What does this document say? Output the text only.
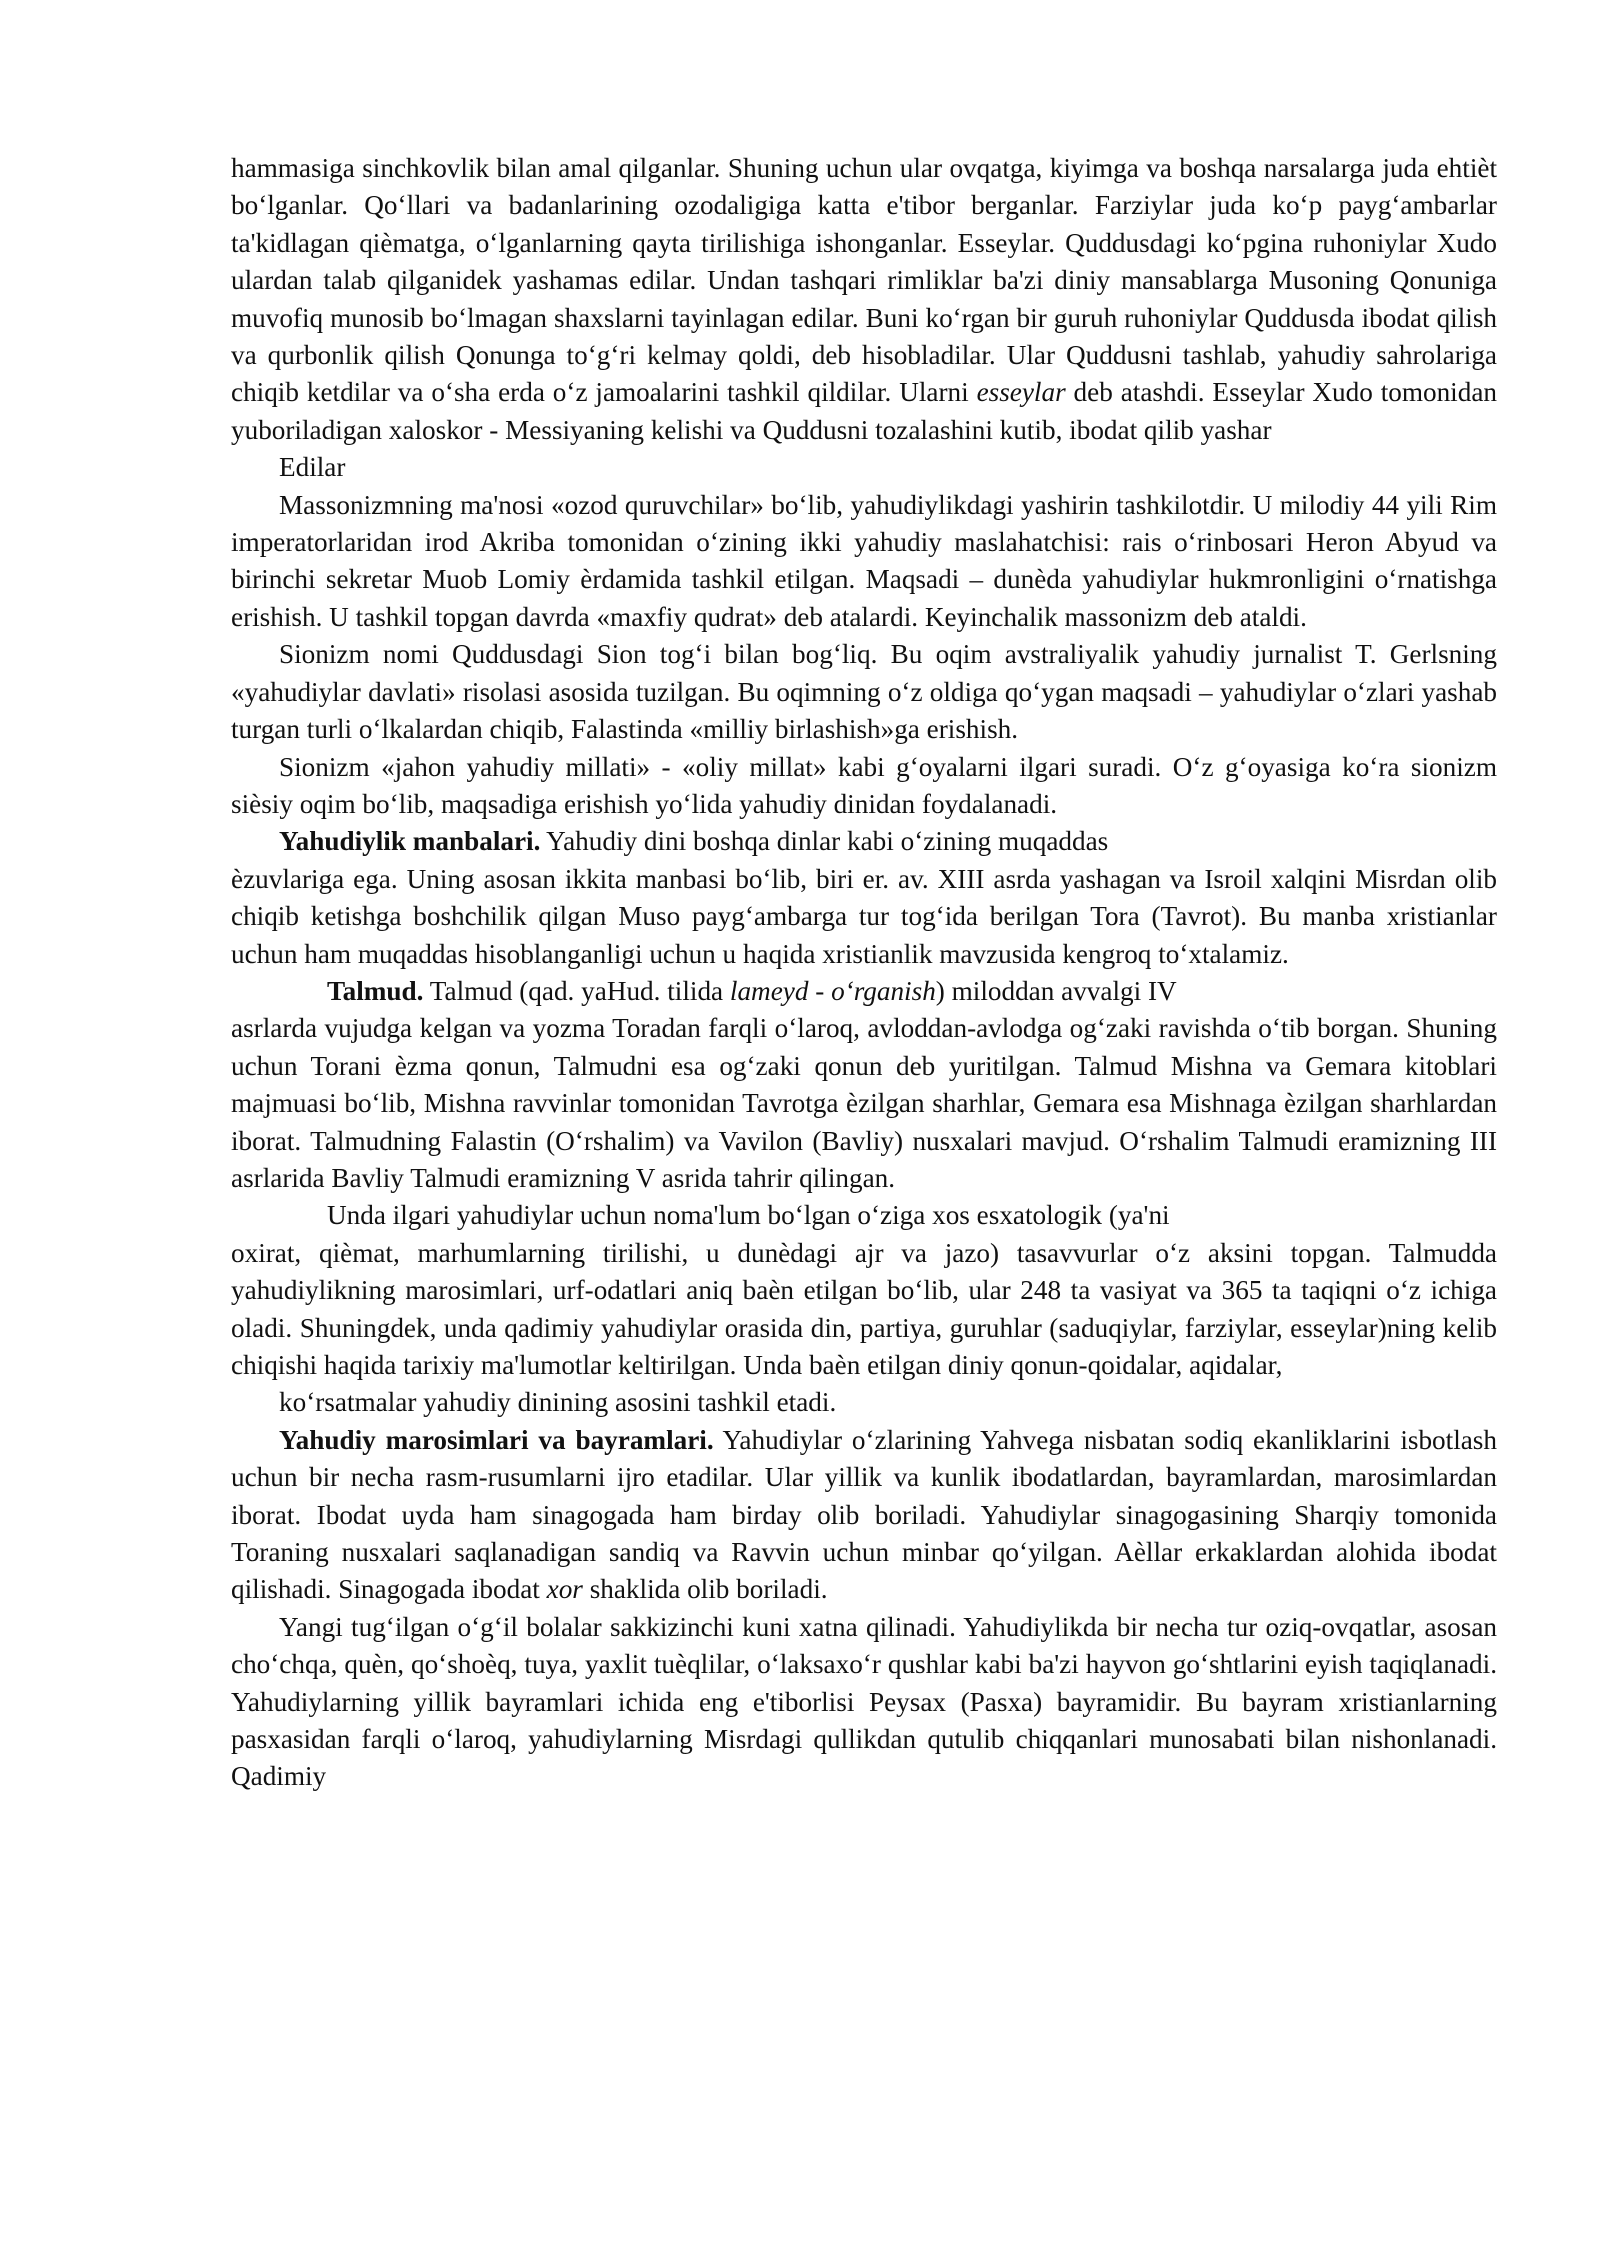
hammasiga sinchkovlik bilan amal qilganlar. Shuning uchun ular ovqatga, kiyimga va boshqa narsalarga juda ehtièt bo‘lganlar. Qo‘llari va badanlarining ozodaligiga katta e'tibor berganlar. Farziylar juda ko‘p payg‘ambarlar ta'kidlagan qièmatga, o‘lganlarning qayta tirilishiga ishonganlar. Esseylar. Quddusdagi ko‘pgina ruhoniylar Xudo ulardan talab qilganidek yashamas edilar. Undan tashqari rimliklar ba'zi diniy mansablarga Musoning Qonuniga muvofiq munosib bo‘lmagan shaxslarni tayinlagan edilar. Buni ko‘rgan bir guruh ruhoniylar Quddusda ibodat qilish va qurbonlik qilish Qonunga to‘g‘ri kelmay qoldi, deb hisobladilar. Ular Quddusni tashlab, yahudiy sahrolariga chiqib ketdilar va o‘sha erda o‘z jamoalarini tashkil qildilar. Ularni esseylar deb atashdi. Esseylar Xudo tomonidan yuboriladigan xaloskor - Messiyaning kelishi va Quddusni tozalashini kutib, ibodat qilib yashar

Edilar

Massonizmning ma'nosi «ozod quruvchilar» bo‘lib, yahudiylikdagi yashirin tashkilotdir. U milodiy 44 yili Rim imperatorlaridan irod Akriba tomonidan o‘zining ikki yahudiy maslahatchisi: rais o‘rinbosari Heron Abyud va birinchi sekretar Muob Lomiy èrdamida tashkil etilgan. Maqsadi – dunèda yahudiylar hukmronligini o‘rnatishga erishish. U tashkil topgan davrda «maxfiy qudrat» deb atalardi. Keyinchalik massonizm deb ataldi.

Sionizm nomi Quddusdagi Sion tog‘i bilan bog‘liq. Bu oqim avstraliyalik yahudiy jurnalist T. Gerlsning «yahudiylar davlati» risolasi asosida tuzilgan. Bu oqimning o‘z oldiga qo‘ygan maqsadi – yahudiylar o‘zlari yashab turgan turli o‘lkalardan chiqib, Falastinda «milliy birlashish»ga erishish.

Sionizm «jahon yahudiy millati» - «oliy millat» kabi g‘oyalarni ilgari suradi. O‘z g‘oyasiga ko‘ra sionizm sièsiy oqim bo‘lib, maqsadiga erishish yo‘lida yahudiy dinidan foydalanadi.

Yahudiylik manbalari. Yahudiy dini boshqa dinlar kabi o‘zining muqaddas

èzuvlariga ega. Uning asosan ikkita manbasi bo‘lib, biri er. av. XIII asrda yashagan va Isroil xalqini Misrdan olib chiqib ketishga boshchilik qilgan Muso payg‘ambarga tur tog‘ida berilgan Tora (Tavrot). Bu manba xristianlar uchun ham muqaddas hisoblanganligi uchun u haqida xristianlik mavzusida kengroq to‘xtalamiz.

Talmud. Talmud (qad. yaHud. tilida lameyd - o‘rganish) miloddan avvalgi IV

asrlarda vujudga kelgan va yozma Toradan farqli o‘laroq, avloddan-avlodga og‘zaki ravishda o‘tib borgan. Shuning uchun Torani èzma qonun, Talmudni esa og‘zaki qonun deb yuritilgan. Talmud Mishna va Gemara kitoblari majmuasi bo‘lib, Mishna ravvinlar tomonidan Tavrotga èzilgan sharhlar, Gemara esa Mishnaga èzilgan sharhlardan iborat. Talmudning Falastin (O‘rshalim) va Vavilon (Bavliy) nusxalari mavjud. O‘rshalim Talmudi eramizning III asrlarida Bavliy Talmudi eramizning V asrida tahrir qilingan.

Unda ilgari yahudiylar uchun noma'lum bo‘lgan o‘ziga xos esxatologik (ya'ni

oxirat, qièmat, marhumlarning tirilishi, u dunèdagi ajr va jazo) tasavvurlar o‘z aksini topgan. Talmudda yahudiylikning marosimlari, urf-odatlari aniq baèn etilgan bo‘lib, ular 248 ta vasiyat va 365 ta taqiqni o‘z ichiga oladi. Shuningdek, unda qadimiy yahudiylar orasida din, partiya, guruhlar (saduqiylar, farziylar, esseylar)ning kelib chiqishi haqida tarixiy ma'lumotlar keltirilgan. Unda baèn etilgan diniy qonun-qoidalar, aqidalar,

ko‘rsatmalar yahudiy dinining asosini tashkil etadi.

Yahudiy marosimlari va bayramlari. Yahudiylar o‘zlarining Yahvega nisbatan sodiq ekanliklarini isbotlash uchun bir necha rasm-rusumlarni ijro etadilar. Ular yillik va kunlik ibodatlardan, bayramlardan, marosimlardan iborat. Ibodat uyda ham sinagogada ham birday olib boriladi. Yahudiylar sinagogasining Sharqiy tomonida Toraning nusxalari saqlanadigan sandiq va Ravvin uchun minbar qo‘yilgan. Aèllar erkaklardan alohida ibodat qilishadi. Sinagogada ibodat xor shaklida olib boriladi.

Yangi tug‘ilgan o‘g‘il bolalar sakkizinchi kuni xatna qilinadi. Yahudiylikda bir necha tur oziq-ovqatlar, asosan cho‘chqa, quèn, qo‘shoèq, tuya, yaxlit tuèqlilar, o‘laksaxo‘r qushlar kabi ba'zi hayvon go‘shtlarini eyish taqiqlanadi. Yahudiylarning yillik bayramlari ichida eng e'tiborlisi Peysax (Pasxa) bayramidir. Bu bayram xristianlarning pasxasidan farqli o‘laroq, yahudiylarning Misrdagi qullikdan qutulib chiqqanlari munosabati bilan nishonlanadi. Qadimiy
